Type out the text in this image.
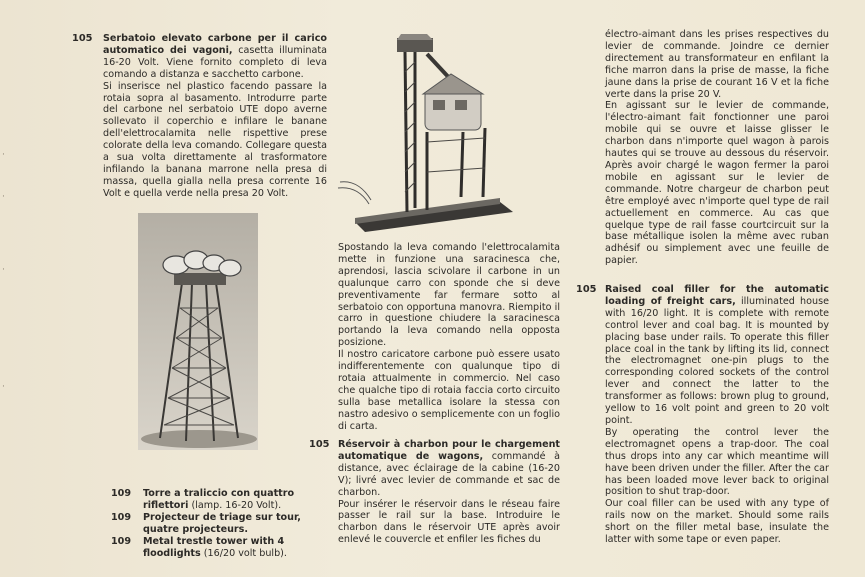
·
·
·
·
105 Serbatoio elevato carbone per il carico automatico dei vagoni, casetta illuminata 16-20 Volt. Viene fornito completo di leva comando a distanza e sacchetto carbone.

Si inserisce nel plastico facendo passare la rotaia sopra al basamento. Introdurre parte del carbone nel serbatoio UTE dopo averne sollevato il coperchio e infilare le banane dell'elettrocalamita nelle rispettive prese colorate della leva comando. Collegare questa a sua volta direttamente al trasformatore infilando la banana marrone nella presa di massa, quella gialla nella presa corrente 16 Volt e quella verde nella presa 20 Volt.

109 Torre a traliccio con quattro riflettori (lamp. 16-20 Volt).
109 Projecteur de triage sur tour, quatre projecteurs.
109 Metal trestle tower with 4 floodlights (16/20 volt bulb).

Spostando la leva comando l'elettrocalamita mette in funzione una saracinesca che, aprendosi, lascia scivolare il carbone in un qualunque carro con sponde che si deve preventivamente far fermare sotto al serbatoio con opportuna manovra. Riempito il carro in questione chiudere la saracinesca portando la leva comando nella opposta posizione.

Il nostro caricatore carbone può essere usato indifferentemente con qualunque tipo di rotaia attualmente in commercio. Nel caso che qualche tipo di rotaia faccia corto circuito sulla base metallica isolare la stessa con nastro adesivo o semplicemente con un foglio di carta.

105 Réservoir à charbon pour le chargement automatique de wagons, commandé à distance, avec éclairage de la cabine (16-20 V); livré avec levier de commande et sac de charbon.

Pour insérer le réservoir dans le réseau faire passer le rail sur la base. Introduire le charbon dans le réservoir UTE après avoir enlevé le couvercle et enfiler les fiches du

électro-aimant dans les prises respectives du levier de commande. Joindre ce dernier directement au transformateur en enfilant la fiche marron dans la prise de masse, la fiche jaune dans la prise de courant 16 V et la fiche verte dans la prise 20 V.

En agissant sur le levier de commande, l'électro-aimant fait fonctionner une paroi mobile qui se ouvre et laisse glisser le charbon dans n'importe quel wagon à parois hautes qui se trouve au dessous du réservoir. Après avoir chargé le wagon fermer la paroi mobile en agissant sur le levier de commande. Notre chargeur de charbon peut être employé avec n'importe quel type de rail actuellement en commerce. Au cas que quelque type de rail fasse courtcircuit sur la base métallique isolen la même avec ruban adhésif ou simplement avec une feuille de papier.

105 Raised coal filler for the automatic loading of freight cars, illuminated house with 16/20 light. It is complete with remote control lever and coal bag. It is mounted by placing base under rails. To operate this filler place coal in the tank by lifting its lid, connect the electromagnet one-pin plugs to the corresponding colored sockets of the control lever and connect the latter to the transformer as follows: brown plug to ground, yellow to 16 volt point and green to 20 volt point.

By operating the control lever the electromagnet opens a trap-door. The coal thus drops into any car which meantime will have been driven under the filler. After the car has been loaded move lever back to original position to shut trap-door.

Our coal filler can be used with any type of rails now on the market. Should some rails short on the filler metal base, insulate the latter with some tape or even paper.
